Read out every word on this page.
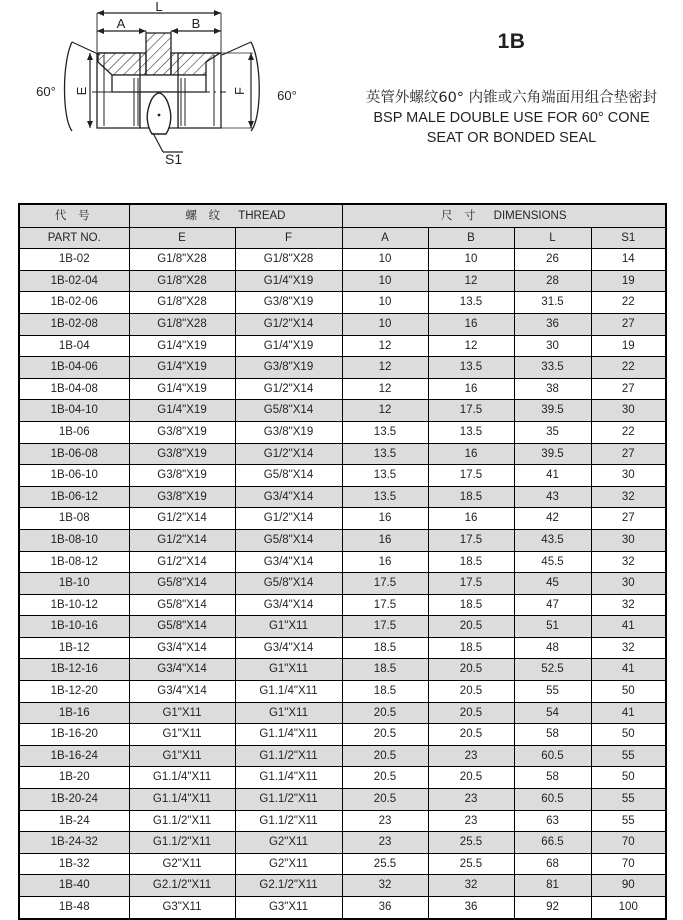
L
A	B
E	F
60°	60°
S1
1B
英管外螺纹60° 内锥或六角端面用组合垫密封
BSP MALE DOUBLE USE FOR 60° CONE
SEAT OR BONDED SEAL
代 号	螺 纹 THREAD		尺 寸 DIMENSIONS			
PART NO.	E	F	A	B	L	S1
1B-02	G1/8"X28	G1/8"X28	10	10	26	14
1B-02-04	G1/8"X28	G1/4"X19	10	12	28	19
1B-02-06	G1/8"X28	G3/8"X19	10	13.5	31.5	22
1B-02-08	G1/8"X28	G1/2"X14	10	16	36	27
1B-04	G1/4"X19	G1/4"X19	12	12	30	19
1B-04-06	G1/4"X19	G3/8"X19	12	13.5	33.5	22
1B-04-08	G1/4"X19	G1/2"X14	12	16	38	27
1B-04-10	G1/4"X19	G5/8"X14	12	17.5	39.5	30
1B-06	G3/8"X19	G3/8"X19	13.5	13.5	35	22
1B-06-08	G3/8"X19	G1/2"X14	13.5	16	39.5	27
1B-06-10	G3/8"X19	G5/8"X14	13.5	17.5	41	30
1B-06-12	G3/8"X19	G3/4"X14	13.5	18.5	43	32
1B-08	G1/2"X14	G1/2"X14	16	16	42	27
1B-08-10	G1/2"X14	G5/8"X14	16	17.5	43.5	30
1B-08-12	G1/2"X14	G3/4"X14	16	18.5	45.5	32
1B-10	G5/8"X14	G5/8"X14	17.5	17.5	45	30
1B-10-12	G5/8"X14	G3/4"X14	17.5	18.5	47	32
1B-10-16	G5/8"X14	G1"X11	17.5	20.5	51	41
1B-12	G3/4"X14	G3/4"X14	18.5	18.5	48	32
1B-12-16	G3/4"X14	G1"X11	18.5	20.5	52.5	41
1B-12-20	G3/4"X14	G1.1/4"X11	18.5	20.5	55	50
1B-16	G1"X11	G1"X11	20.5	20.5	54	41
1B-16-20	G1"X11	G1.1/4"X11	20.5	20.5	58	50
1B-16-24	G1"X11	G1.1/2"X11	20.5	23	60.5	55
1B-20	G1.1/4"X11	G1.1/4"X11	20.5	20.5	58	50
1B-20-24	G1.1/4"X11	G1.1/2"X11	20.5	23	60.5	55
1B-24	G1.1/2"X11	G1.1/2"X11	23	23	63	55
1B-24-32	G1.1/2"X11	G2"X11	23	25.5	66.5	70
1B-32	G2"X11	G2"X11	25.5	25.5	68	70
1B-40	G2.1/2"X11	G2.1/2"X11	32	32	81	90
1B-48	G3"X11	G3"X11	36	36	92	100
